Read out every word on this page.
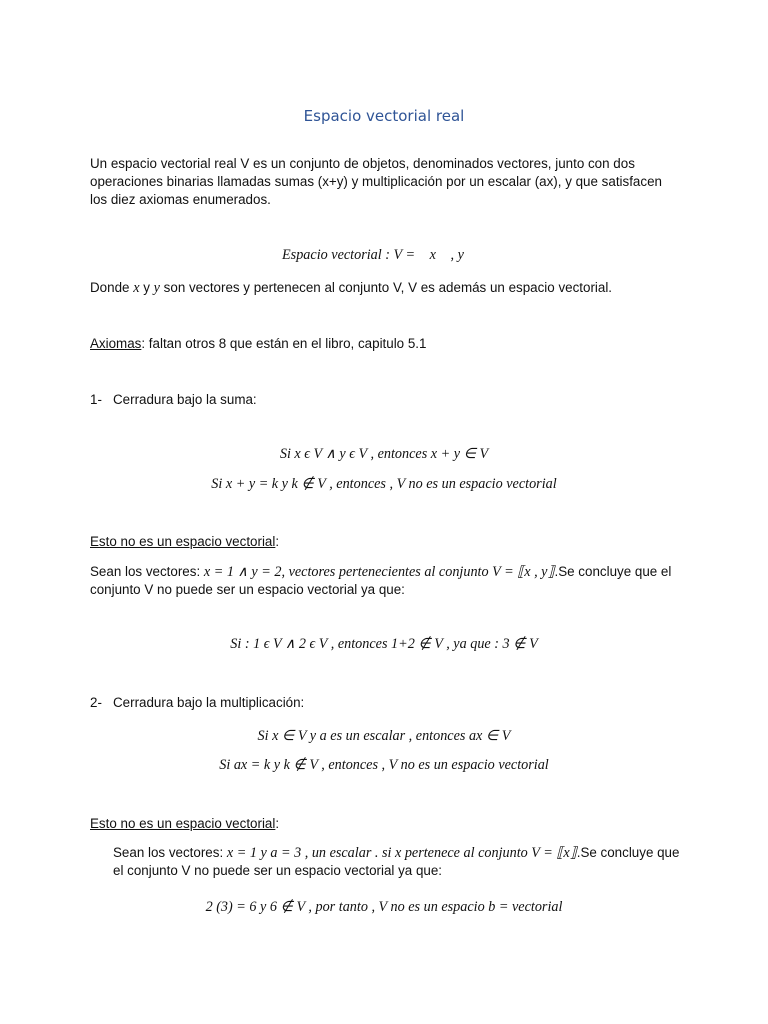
Espacio vectorial real
Un espacio vectorial real V es un conjunto de objetos, denominados vectores, junto con dos operaciones binarias llamadas sumas (x+y) y multiplicación por un escalar (ax), y que satisfacen los diez axiomas enumerados.
Espacio vectorial : V = ⟦x⃗ , y⃗⟧
Donde x y y son vectores y pertenecen al conjunto V, V es además un espacio vectorial.
Axiomas: faltan otros 8 que están en el libro, capitulo 5.1
1- Cerradura bajo la suma:
Si x ϵ V ∧ y ϵ V , entonces x + y ∈ V
Si x + y = k y k ∉ V , entonces , V no es un espacio vectorial
Esto no es un espacio vectorial:
Sean los vectores: x = 1 ∧ y = 2, vectores pertenecientes al conjunto V = ⟦x , y⟧.Se concluye que el conjunto V no puede ser un espacio vectorial ya que:
Si : 1 ϵ V ∧ 2 ϵ V , entonces 1+2 ∉ V , ya que : 3 ∉ V
2- Cerradura bajo la multiplicación:
Si x ∈ V y a es un escalar , entonces ax ∈ V
Si ax = k y k ∉ V , entonces , V no es un espacio vectorial
Esto no es un espacio vectorial:
Sean los vectores: x = 1 y a = 3 , un escalar . si x pertenece al conjunto V = ⟦x⟧.Se concluye que el conjunto V no puede ser un espacio vectorial ya que:
2 (3) = 6 y 6 ∉ V , por tanto , V no es un espacio b = vectorial
